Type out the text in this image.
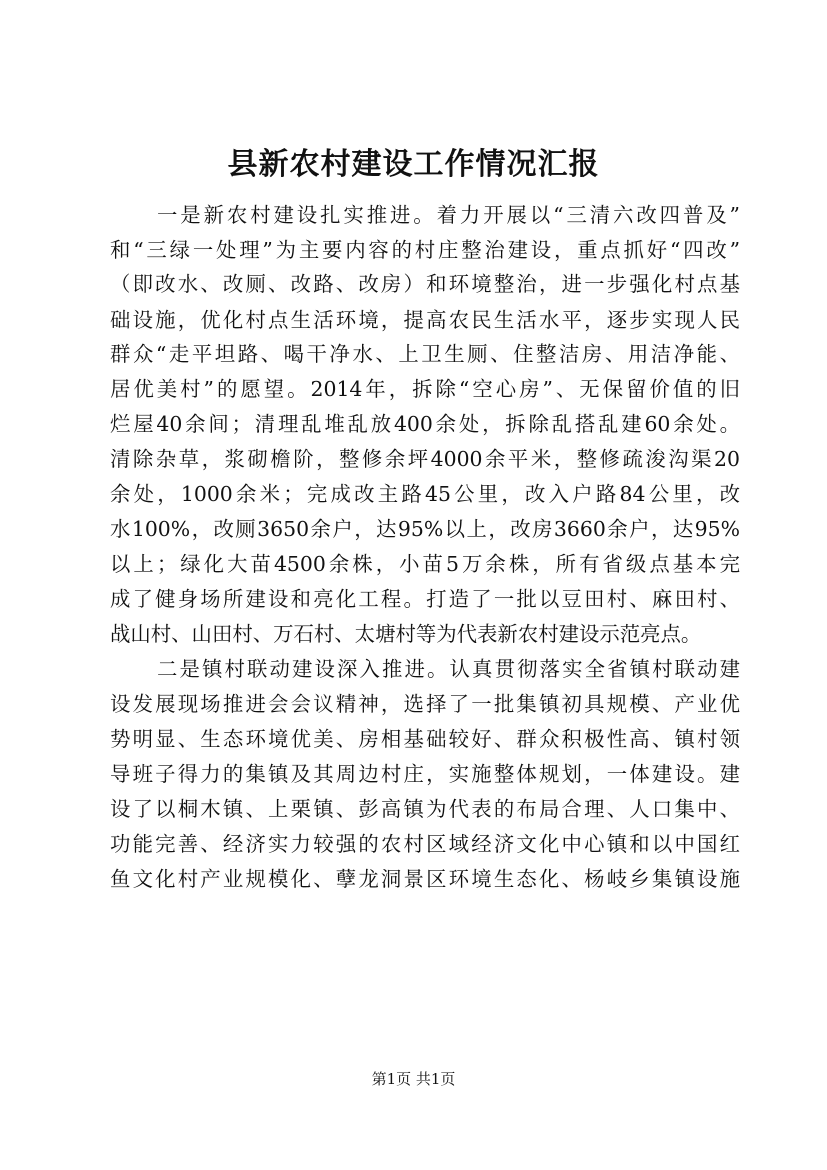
县新农村建设工作情况汇报
一是新农村建设扎实推进。着力开展以“三清六改四普及”
和“三绿一处理”为主要内容的村庄整治建设，重点抓好“四改”
（即改水、改厕、改路、改房）和环境整治，进一步强化村点基
础设施，优化村点生活环境，提高农民生活水平，逐步实现人民
群众“走平坦路、喝干净水、上卫生厕、住整洁房、用洁净能、
居优美村”的愿望。2014年，拆除“空心房”、无保留价值的旧
烂屋40余间；清理乱堆乱放400余处，拆除乱搭乱建60余处。
清除杂草，浆砌檐阶，整修余坪4000余平米，整修疏浚沟渠20
余处，1000余米；完成改主路45公里，改入户路84公里，改
水100%，改厕3650余户，达95%以上，改房3660余户，达95%
以上；绿化大苗4500余株，小苗5万余株，所有省级点基本完
成了健身场所建设和亮化工程。打造了一批以豆田村、麻田村、
战山村、山田村、万石村、太塘村等为代表新农村建设示范亮点。
二是镇村联动建设深入推进。认真贯彻落实全省镇村联动建
设发展现场推进会会议精神，选择了一批集镇初具规模、产业优
势明显、生态环境优美、房相基础较好、群众积极性高、镇村领
导班子得力的集镇及其周边村庄，实施整体规划，一体建设。建
设了以桐木镇、上栗镇、彭高镇为代表的布局合理、人口集中、
功能完善、经济实力较强的农村区域经济文化中心镇和以中国红
鱼文化村产业规模化、孽龙洞景区环境生态化、杨岐乡集镇设施
第1页 共1页
